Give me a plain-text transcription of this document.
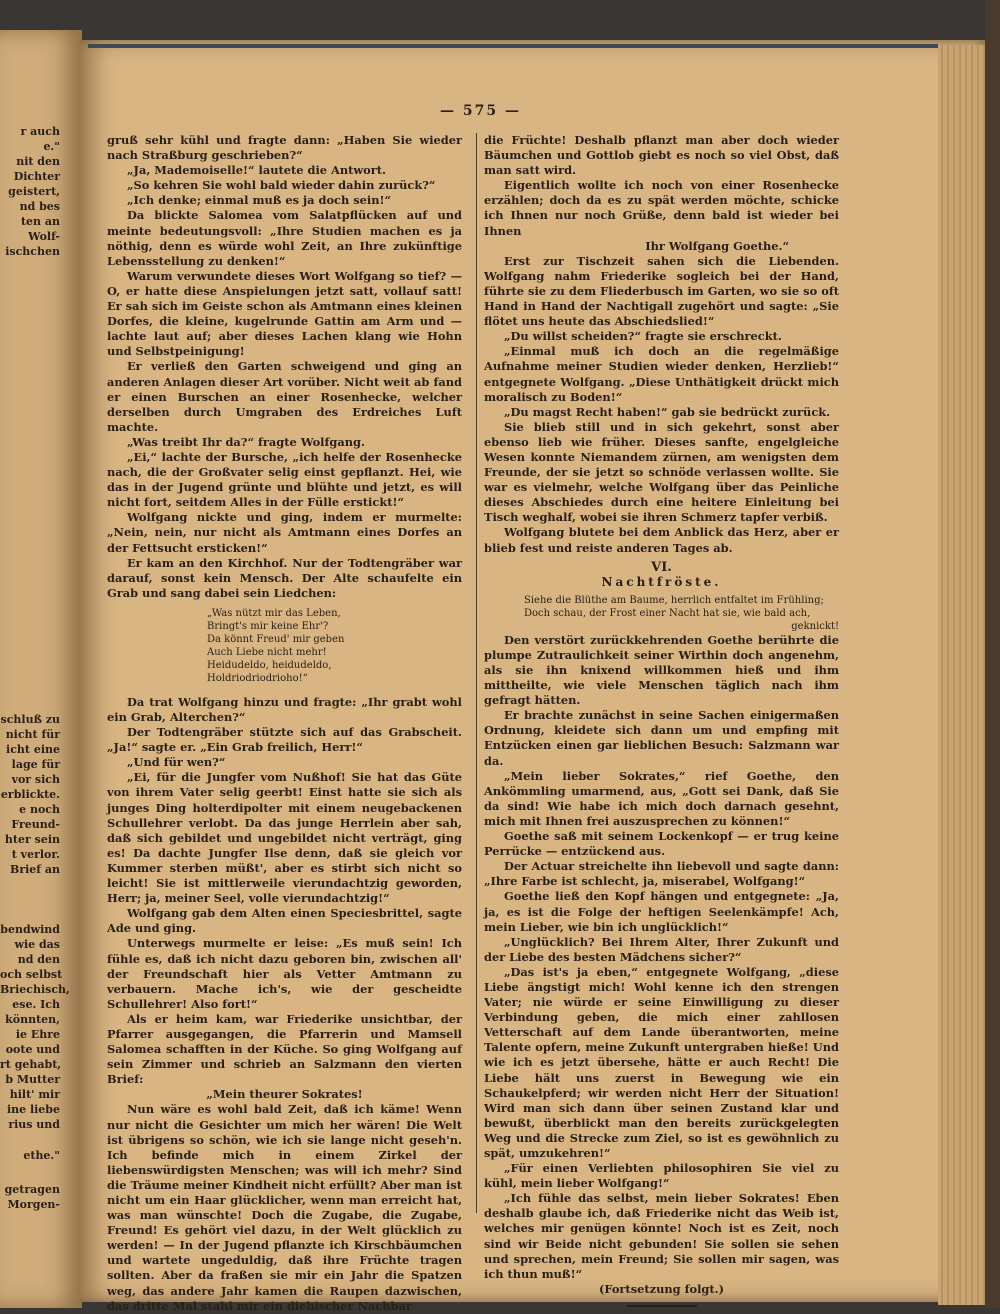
r auch
e."
nit den
Dichter
geistert,
nd bes
ten an
Wolf-
ischchen
schluß zu
nicht für
icht eine
lage für
vor sich
erblickte.
e noch
Freund-
hter sein
t verlor.
Brief an
bendwind
wie das
nd den
och selbst
Briechisch,
ese. Ich
könnten,
ie Ehre
oote und
rt gehabt,
b Mutter
hilt' mir
ine liebe
rius und
ethe."
getragen
Morgen-
— 575 —

gruß sehr kühl und fragte dann: „Haben Sie wieder nach Straßburg geschrieben?“

„Ja, Mademoiselle!“ lautete die Antwort.

„So kehren Sie wohl bald wieder dahin zurück?“

„Ich denke; einmal muß es ja doch sein!“

Da blickte Salomea vom Salatpflücken auf und meinte bedeutungsvoll: „Ihre Studien machen es ja nöthig, denn es würde wohl Zeit, an Ihre zukünftige Lebensstellung zu denken!“

Warum verwundete dieses Wort Wolfgang so tief? — O, er hatte diese Anspielungen jetzt satt, vollauf satt! Er sah sich im Geiste schon als Amtmann eines kleinen Dorfes, die kleine, kugelrunde Gattin am Arm und — lachte laut auf; aber dieses Lachen klang wie Hohn und Selbstpeinigung!

Er verließ den Garten schweigend und ging an anderen Anlagen dieser Art vorüber. Nicht weit ab fand er einen Burschen an einer Rosenhecke, welcher derselben durch Umgraben des Erdreiches Luft machte.

„Was treibt Ihr da?“ fragte Wolfgang.

„Ei,“ lachte der Bursche, „ich helfe der Rosenhecke nach, die der Großvater selig einst gepflanzt. Hei, wie das in der Jugend grünte und blühte und jetzt, es will nicht fort, seitdem Alles in der Fülle erstickt!“

Wolfgang nickte und ging, indem er murmelte: „Nein, nein, nur nicht als Amtmann eines Dorfes an der Fettsucht ersticken!“

Er kam an den Kirchhof. Nur der Todtengräber war darauf, sonst kein Mensch. Der Alte schaufelte ein Grab und sang dabei sein Liedchen:

„Was nützt mir das Leben,
Bringt's mir keine Ehr'?
Da könnt Freud' mir geben
Auch Liebe nicht mehr!
Heidudeldo, heidudeldo,
Holdriodriodrioho!“

Da trat Wolfgang hinzu und fragte: „Ihr grabt wohl ein Grab, Alterchen?“

Der Todtengräber stützte sich auf das Grabscheit. „Ja!“ sagte er. „Ein Grab freilich, Herr!“

„Und für wen?“

„Ei, für die Jungfer vom Nußhof! Sie hat das Güte von ihrem Vater selig geerbt! Einst hatte sie sich als junges Ding holterdipolter mit einem neugebackenen Schullehrer verlobt. Da das junge Herrlein aber sah, daß sich gebildet und ungebildet nicht verträgt, ging es! Da dachte Jungfer Ilse denn, daß sie gleich vor Kummer sterben müßt', aber es stirbt sich nicht so leicht! Sie ist mittlerweile vierundachtzig geworden, Herr; ja, meiner Seel, volle vierundachtzig!“

Wolfgang gab dem Alten einen Speciesbrittel, sagte Ade und ging.

Unterwegs murmelte er leise: „Es muß sein! Ich fühle es, daß ich nicht dazu geboren bin, zwischen all' der Freundschaft hier als Vetter Amtmann zu verbauern. Mache ich's, wie der gescheidte Schullehrer! Also fort!“

Als er heim kam, war Friederike unsichtbar, der Pfarrer ausgegangen, die Pfarrerin und Mamsell Salomea schafften in der Küche. So ging Wolfgang auf sein Zimmer und schrieb an Salzmann den vierten Brief:

„Mein theurer Sokrates!

Nun wäre es wohl bald Zeit, daß ich käme! Wenn nur nicht die Gesichter um mich her wären! Die Welt ist übrigens so schön, wie ich sie lange nicht geseh'n. Ich befinde mich in einem Zirkel der liebenswürdigsten Menschen; was will ich mehr? Sind die Träume meiner Kindheit nicht erfüllt? Aber man ist nicht um ein Haar glücklicher, wenn man erreicht hat, was man wünschte! Doch die Zugabe, die Zugabe, Freund! Es gehört viel dazu, in der Welt glücklich zu werden! — In der Jugend pflanzte ich Kirschbäumchen und wartete ungeduldig, daß ihre Früchte tragen sollten. Aber da fraßen sie mir ein Jahr die Spatzen weg, das andere Jahr kamen die Raupen dazwischen, das dritte Mal stahl mir ein diebischer Nachbar

die Früchte! Deshalb pflanzt man aber doch wieder Bäumchen und Gottlob giebt es noch so viel Obst, daß man satt wird.

Eigentlich wollte ich noch von einer Rosenhecke erzählen; doch da es zu spät werden möchte, schicke ich Ihnen nur noch Grüße, denn bald ist wieder bei Ihnen

Ihr Wolfgang Goethe.“

Erst zur Tischzeit sahen sich die Liebenden. Wolfgang nahm Friederike sogleich bei der Hand, führte sie zu dem Fliederbusch im Garten, wo sie so oft Hand in Hand der Nachtigall zugehört und sagte: „Sie flötet uns heute das Abschiedslied!“

„Du willst scheiden?“ fragte sie erschreckt.

„Einmal muß ich doch an die regelmäßige Aufnahme meiner Studien wieder denken, Herzlieb!“ entgegnete Wolfgang. „Diese Unthätigkeit drückt mich moralisch zu Boden!“

„Du magst Recht haben!“ gab sie bedrückt zurück.

Sie blieb still und in sich gekehrt, sonst aber ebenso lieb wie früher. Dieses sanfte, engelgleiche Wesen konnte Niemandem zürnen, am wenigsten dem Freunde, der sie jetzt so schnöde verlassen wollte. Sie war es vielmehr, welche Wolfgang über das Peinliche dieses Abschiedes durch eine heitere Einleitung bei Tisch weghalf, wobei sie ihren Schmerz tapfer verbiß.

Wolfgang blutete bei dem Anblick das Herz, aber er blieb fest und reiste anderen Tages ab.

VI.
Nachtfröste.
Siehe die Blüthe am Baume, herrlich entfaltet im Frühling;
Doch schau, der Frost einer Nacht hat sie, wie bald ach,
geknickt!

Den verstört zurückkehrenden Goethe berührte die plumpe Zutraulichkeit seiner Wirthin doch angenehm, als sie ihn knixend willkommen hieß und ihm mittheilte, wie viele Menschen täglich nach ihm gefragt hätten.

Er brachte zunächst in seine Sachen einigermaßen Ordnung, kleidete sich dann um und empfing mit Entzücken einen gar lieblichen Besuch: Salzmann war da.

„Mein lieber Sokrates,“ rief Goethe, den Ankömmling umarmend, aus, „Gott sei Dank, daß Sie da sind! Wie habe ich mich doch darnach gesehnt, mich mit Ihnen frei auszusprechen zu können!“

Goethe saß mit seinem Lockenkopf — er trug keine Perrücke — entzückend aus.

Der Actuar streichelte ihn liebevoll und sagte dann: „Ihre Farbe ist schlecht, ja, miserabel, Wolfgang!“

Goethe ließ den Kopf hängen und entgegnete: „Ja, ja, es ist die Folge der heftigen Seelenkämpfe! Ach, mein Lieber, wie bin ich unglücklich!“

„Unglücklich? Bei Ihrem Alter, Ihrer Zukunft und der Liebe des besten Mädchens sicher?“

„Das ist's ja eben,“ entgegnete Wolfgang, „diese Liebe ängstigt mich! Wohl kenne ich den strengen Vater; nie würde er seine Einwilligung zu dieser Verbindung geben, die mich einer zahllosen Vetterschaft auf dem Lande überantworten, meine Talente opfern, meine Zukunft untergraben hieße! Und wie ich es jetzt übersehe, hätte er auch Recht! Die Liebe hält uns zuerst in Bewegung wie ein Schaukelpferd; wir werden nicht Herr der Situation! Wird man sich dann über seinen Zustand klar und bewußt, überblickt man den bereits zurückgelegten Weg und die Strecke zum Ziel, so ist es gewöhnlich zu spät, umzukehren!“

„Für einen Verliebten philosophiren Sie viel zu kühl, mein lieber Wolfgang!“

„Ich fühle das selbst, mein lieber Sokrates! Eben deshalb glaube ich, daß Friederike nicht das Weib ist, welches mir genügen könnte! Noch ist es Zeit, noch sind wir Beide nicht gebunden! Sie sollen sie sehen und sprechen, mein Freund; Sie sollen mir sagen, was ich thun muß!“

(Fortsetzung folgt.)
